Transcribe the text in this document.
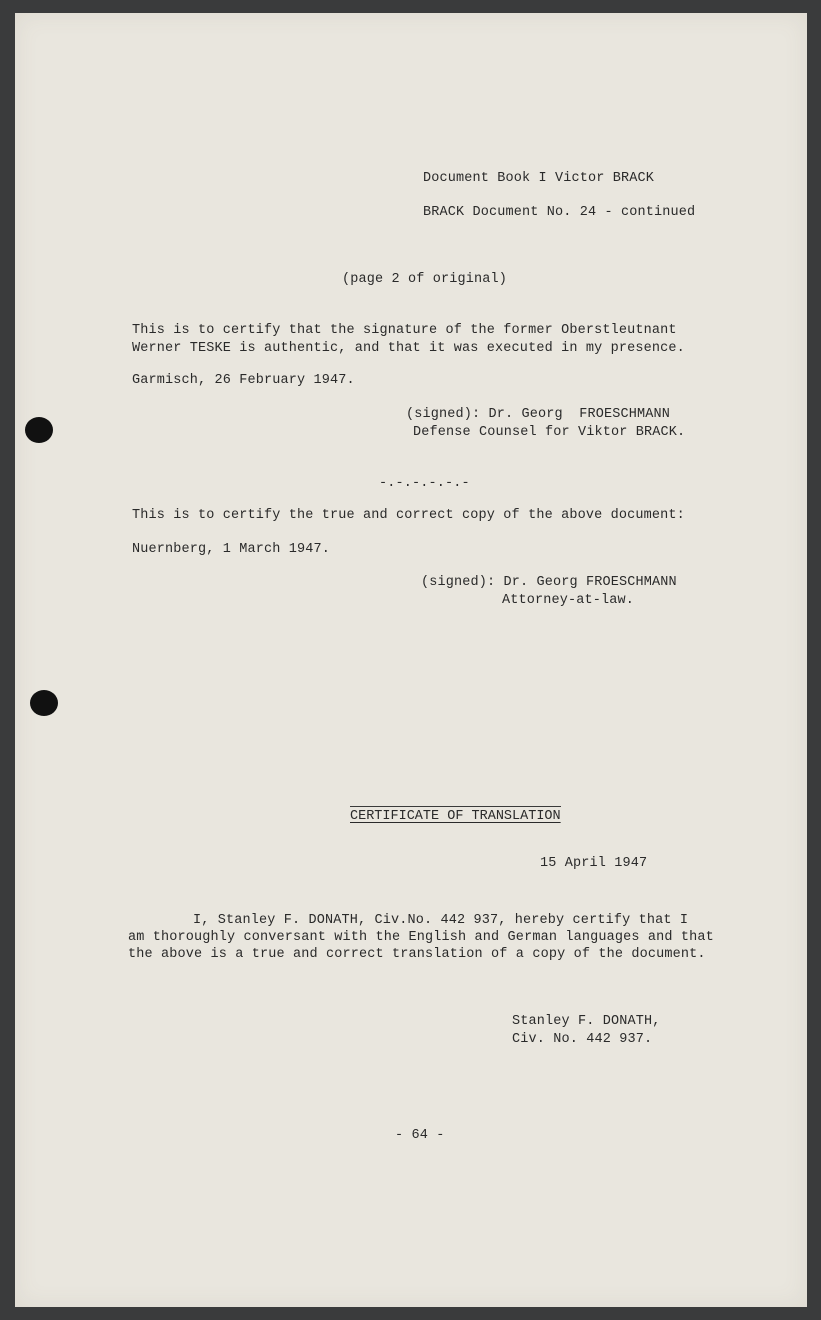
Document Book I Victor BRACK
BRACK Document No. 24 - continued
(page 2 of original)
This is to certify that the signature of the former Oberstleutnant
Werner TESKE is authentic, and that it was executed in my presence.
Garmisch, 26 February 1947.
(signed): Dr. Georg  FROESCHMANN
Defense Counsel for Viktor BRACK.
-.-.-.-.-.-
This is to certify the true and correct copy of the above document:
Nuernberg, 1 March 1947.
(signed): Dr. Georg FROESCHMANN
Attorney-at-law.
CERTIFICATE OF TRANSLATION
15 April 1947
I, Stanley F. DONATH, Civ.No. 442 937, hereby certify that I
am thoroughly conversant with the English and German languages and that
the above is a true and correct translation of a copy of the document.
Stanley F. DONATH,
Civ. No. 442 937.
- 64 -
